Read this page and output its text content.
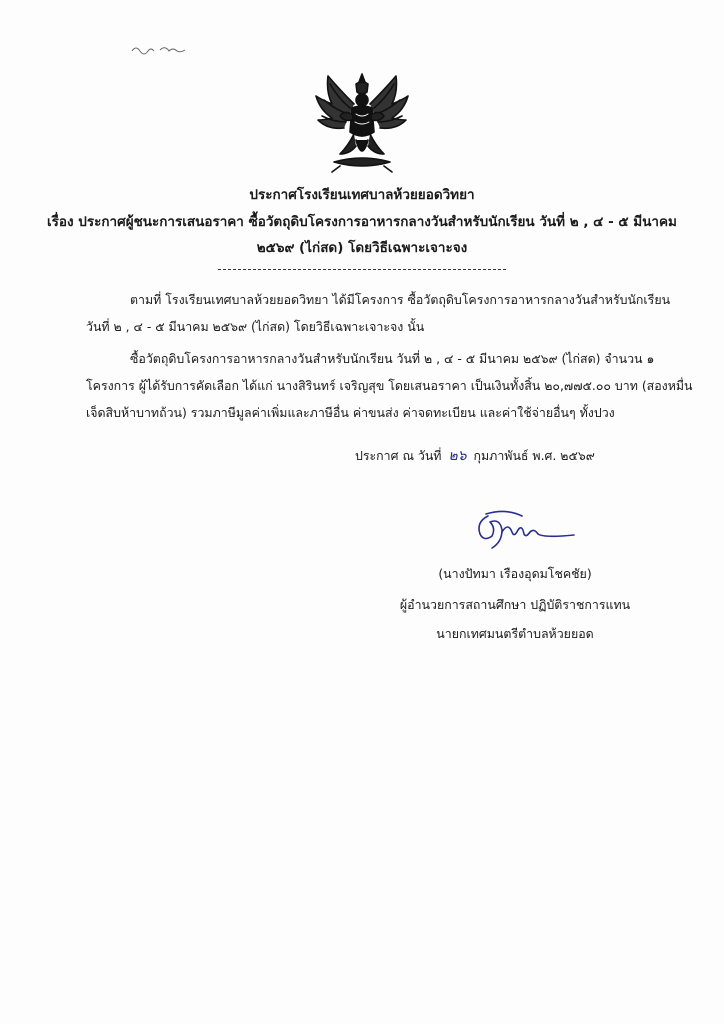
ประกาศโรงเรียนเทศบาลห้วยยอดวิทยา
เรื่อง ประกาศผู้ชนะการเสนอราคา ซื้อวัตถุดิบโครงการอาหารกลางวันสำหรับนักเรียน วันที่ ๒ , ๔ - ๕ มีนาคม
๒๕๖๙ (ไก่สด) โดยวิธีเฉพาะเจาะจง
ตามที่ โรงเรียนเทศบาลห้วยยอดวิทยา ได้มีโครงการ ซื้อวัตถุดิบโครงการอาหารกลางวันสำหรับนักเรียน
วันที่ ๒ , ๔ - ๕ มีนาคม ๒๕๖๙ (ไก่สด) โดยวิธีเฉพาะเจาะจง นั้น
ซื้อวัตถุดิบโครงการอาหารกลางวันสำหรับนักเรียน วันที่ ๒ , ๔ - ๕ มีนาคม ๒๕๖๙ (ไก่สด) จำนวน ๑
โครงการ ผู้ได้รับการคัดเลือก ได้แก่ นางสิรินทร์ เจริญสุข โดยเสนอราคา เป็นเงินทั้งสิ้น ๒๐,๗๗๕.๐๐ บาท (สองหมื่น
เจ็ดสิบห้าบาทถ้วน) รวมภาษีมูลค่าเพิ่มและภาษีอื่น ค่าขนส่ง ค่าจดทะเบียน และค่าใช้จ่ายอื่นๆ ทั้งปวง
ประกาศ ณ วันที่ ๒๖ กุมภาพันธ์ พ.ศ. ๒๕๖๙
(นางปัทมา เรืองอุดมโชคชัย)
ผู้อำนวยการสถานศึกษา ปฏิบัติราชการแทน
นายกเทศมนตรีตำบลห้วยยอด
